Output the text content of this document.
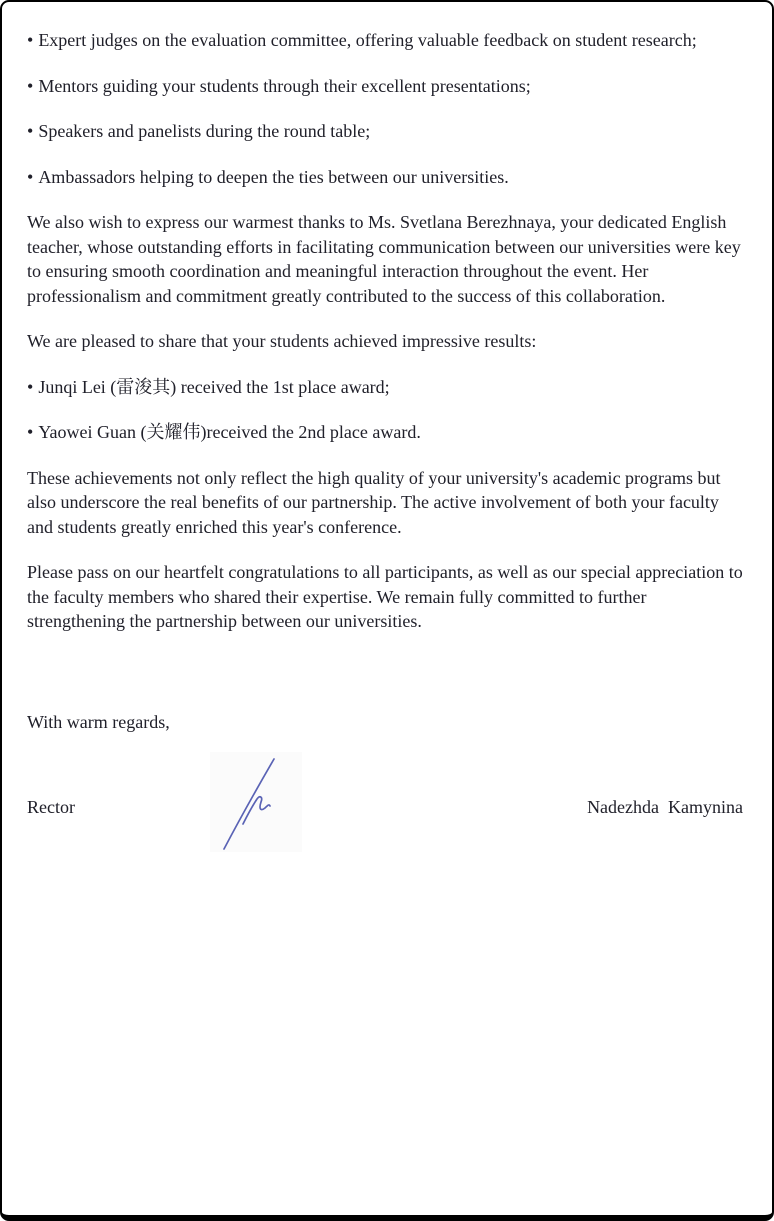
• Expert judges on the evaluation committee, offering valuable feedback on student research;

• Mentors guiding your students through their excellent presentations;

• Speakers and panelists during the round table;

• Ambassadors helping to deepen the ties between our universities.

We also wish to express our warmest thanks to Ms. Svetlana Berezhnaya, your dedicated English teacher, whose outstanding efforts in facilitating communication between our universities were key to ensuring smooth coordination and meaningful interaction throughout the event. Her professionalism and commitment greatly contributed to the success of this collaboration.

We are pleased to share that your students achieved impressive results:

• Junqi Lei (雷浚其) received the 1st place award;

• Yaowei Guan (关耀伟)received the 2nd place award.

These achievements not only reflect the high quality of your university's academic programs but also underscore the real benefits of our partnership. The active involvement of both your faculty and students greatly enriched this year's conference.

Please pass on our heartfelt congratulations to all participants, as well as our special appreciation to the faculty members who shared their expertise. We remain fully committed to further strengthening the partnership between our universities.

With warm regards,

Rector	Nadezhda  Kamynina
